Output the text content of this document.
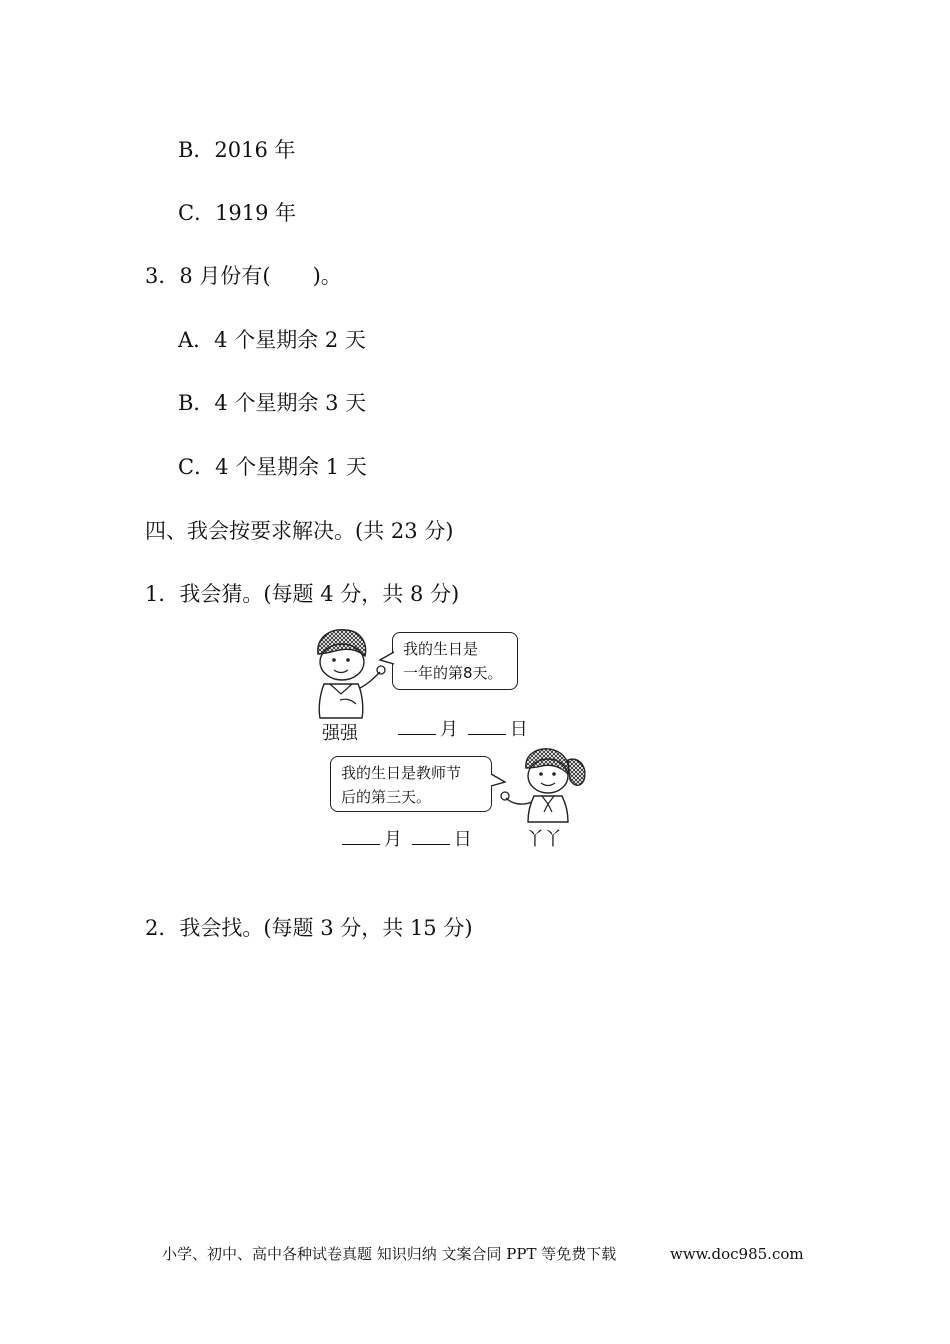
B．2016 年
C．1919 年
3．8 月份有(　　)。
A．4 个星期余 2 天
B．4 个星期余 3 天
C．4 个星期余 1 天
四、我会按要求解决。(共 23 分)
1．我会猜。(每题 4 分，共 8 分)
我的生日是
一年的第8天。
强强	月	日
我的生日是教师节
后的第三天。
月	日	丫丫
2．我会找。(每题 3 分，共 15 分)
小学、初中、高中各种试卷真题 知识归纳 文案合同 PPT 等免费下载	www.doc985.com
